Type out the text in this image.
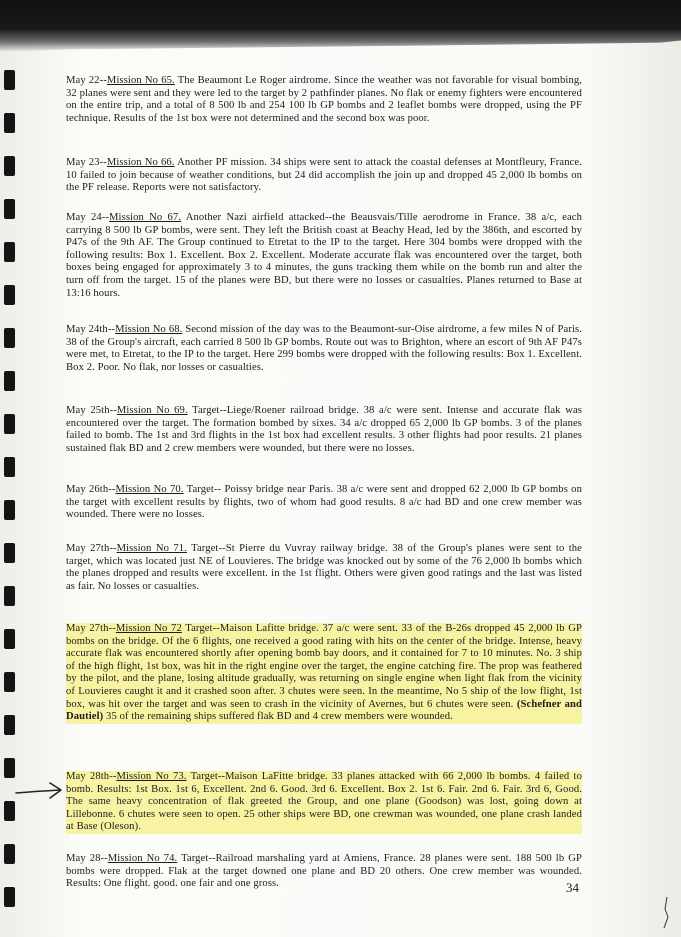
May 22--Mission No 65. The Beaumont Le Roger airdrome. Since the weather was not favorable for visual bombing, 32 planes were sent and they were led to the target by 2 pathfinder planes. No flak or enemy fighters were encountered on the entire trip, and a total of 8 500 lb and 254 100 lb GP bombs and 2 leaflet bombs were dropped, using the PF technique. Results of the 1st box were not determined and the second box was poor.
May 23--Mission No 66. Another PF mission. 34 ships were sent to attack the coastal defenses at Montfleury, France. 10 failed to join because of weather conditions, but 24 did accomplish the join up and dropped 45 2,000 lb bombs on the PF release. Reports were not satisfactory.
May 24--Mission No 67. Another Nazi airfield attacked--the Beausvais/Tille aerodrome in France. 38 a/c, each carrying 8 500 lb GP bombs, were sent. They left the British coast at Beachy Head, led by the 386th, and escorted by P47s of the 9th AF. The Group continued to Etretat to the IP to the target. Here 304 bombs were dropped with the following results: Box 1. Excellent. Box 2. Excellent. Moderate accurate flak was encountered over the target, both boxes being engaged for approximately 3 to 4 minutes, the guns tracking them while on the bomb run and alter the turn off from the target. 15 of the planes were BD, but there were no losses or casualties. Planes returned to Base at 13:16 hours.
May 24th--Mission No 68. Second mission of the day was to the Beaumont-sur-Oise airdrome, a few miles N of Paris. 38 of the Group's aircraft, each carried 8 500 lb GP bombs. Route out was to Brighton, where an escort of 9th AF P47s were met, to Etretat, to the IP to the target. Here 299 bombs were dropped with the following results: Box 1. Excellent. Box 2. Poor. No flak, nor losses or casualties.
May 25th--Mission No 69. Target--Liege/Roener railroad bridge. 38 a/c were sent. Intense and accurate flak was encountered over the target. The formation bombed by sixes. 34 a/c dropped 65 2,000 lb GP bombs. 3 of the planes failed to bomb. The 1st and 3rd flights in the 1st box had excellent results. 3 other flights had poor results. 21 planes sustained flak BD and 2 crew members were wounded, but there were no losses.
May 26th--Mission No 70. Target-- Poissy bridge near Paris. 38 a/c were sent and dropped 62 2,000 lb GP bombs on the target with excellent results by flights, two of whom had good results. 8 a/c had BD and one crew member was wounded. There were no losses.
May 27th--Mission No 71. Target--St Pierre du Vuvray railway bridge. 38 of the Group's planes were sent to the target, which was located just NE of Louvieres. The bridge was knocked out by some of the 76 2,000 lb bombs which the planes dropped and results were excellent. in the 1st flight. Others were given good ratings and the last was listed as fair. No losses or casualties.
May 27th--Mission No 72 Target--Maison Lafitte bridge. 37 a/c were sent. 33 of the B-26s dropped 45 2,000 lb GP bombs on the bridge. Of the 6 flights, one received a good rating with hits on the center of the bridge. Intense, heavy accurate flak was encountered shortly after opening bomb bay doors, and it contained for 7 to 10 minutes. No. 3 ship of the high flight, 1st box, was hit in the right engine over the target, the engine catching fire. The prop was feathered by the pilot, and the plane, losing altitude gradually, was returning on single engine when light flak from the vicinity of Louvieres caught it and it crashed soon after. 3 chutes were seen. In the meantime, No 5 ship of the low flight, 1st box, was hit over the target and was seen to crash in the vicinity of Avernes, but 6 chutes were seen. (Schefner and Dautiel) 35 of the remaining ships suffered flak BD and 4 crew members were wounded.
May 28th--Mission No 73. Target--Maison LaFitte bridge. 33 planes attacked with 66 2,000 lb bombs. 4 failed to bomb. Results: 1st Box. 1st 6, Excellent. 2nd 6. Good. 3rd 6. Excellent. Box 2. 1st 6. Fair. 2nd 6. Fair. 3rd 6, Good. The same heavy concentration of flak greeted the Group, and one plane (Goodson) was lost, going down at Lillebonne. 6 chutes were seen to open. 25 other ships were BD, one crewman was wounded, one plane crash landed at Base (Oleson).
May 28--Mission No 74. Target--Railroad marshaling yard at Amiens, France. 28 planes were sent. 188 500 lb GP bombs were dropped. Flak at the target downed one plane and BD 20 others. One crew member was wounded. Results: One flight. good. one fair and one gross.	34
